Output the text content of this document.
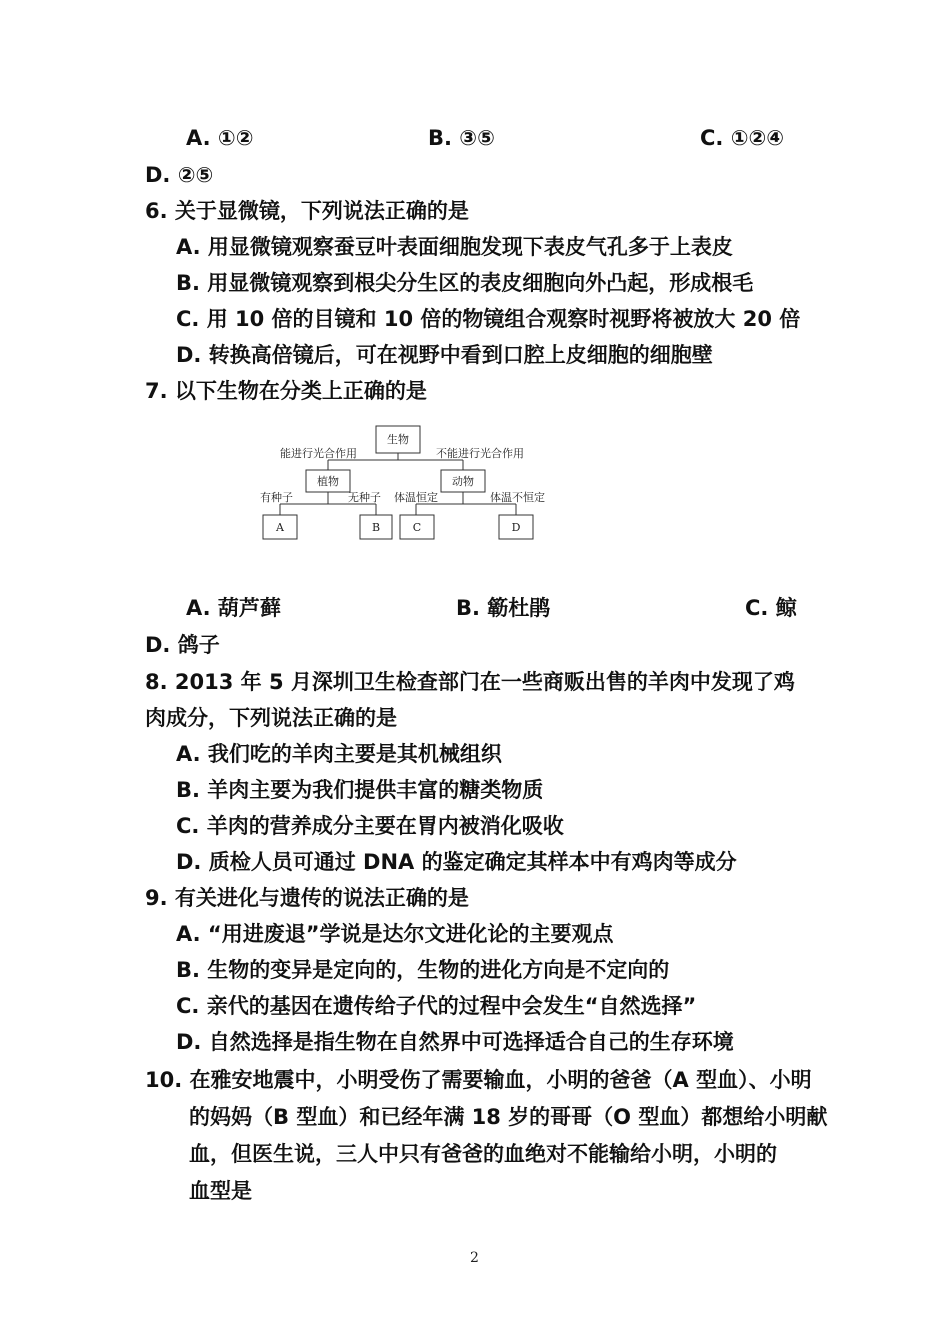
A. ①②	B. ③⑤	C. ①②④
D. ②⑤
6. 关于显微镜，下列说法正确的是
A. 用显微镜观察蚕豆叶表面细胞发现下表皮气孔多于上表皮
B. 用显微镜观察到根尖分生区的表皮细胞向外凸起，形成根毛
C. 用 10 倍的目镜和 10 倍的物镜组合观察时视野将被放大 20 倍
D. 转换高倍镜后，可在视野中看到口腔上皮细胞的细胞壁
7. 以下生物在分类上正确的是
生物
能进行光合作用	不能进行光合作用
植物	动物
有种子	无种子 体温恒定	体温不恒定
A	B	C	D
A. 葫芦藓	B. 簕杜鹃	C. 鲸
D. 鸽子
8. 2013 年 5 月深圳卫生检查部门在一些商贩出售的羊肉中发现了鸡
肉成分，下列说法正确的是
A. 我们吃的羊肉主要是其机械组织
B. 羊肉主要为我们提供丰富的糖类物质
C. 羊肉的营养成分主要在胃内被消化吸收
D. 质检人员可通过 DNA 的鉴定确定其样本中有鸡肉等成分
9. 有关进化与遗传的说法正确的是
A. “用进废退”学说是达尔文进化论的主要观点
B. 生物的变异是定向的，生物的进化方向是不定向的
C. 亲代的基因在遗传给子代的过程中会发生“自然选择”
D. 自然选择是指生物在自然界中可选择适合自己的生存环境
10. 在雅安地震中，小明受伤了需要输血，小明的爸爸（A 型血）、小明
的妈妈（B 型血）和已经年满 18 岁的哥哥（O 型血）都想给小明献
血，但医生说，三人中只有爸爸的血绝对不能输给小明，小明的
血型是
2
